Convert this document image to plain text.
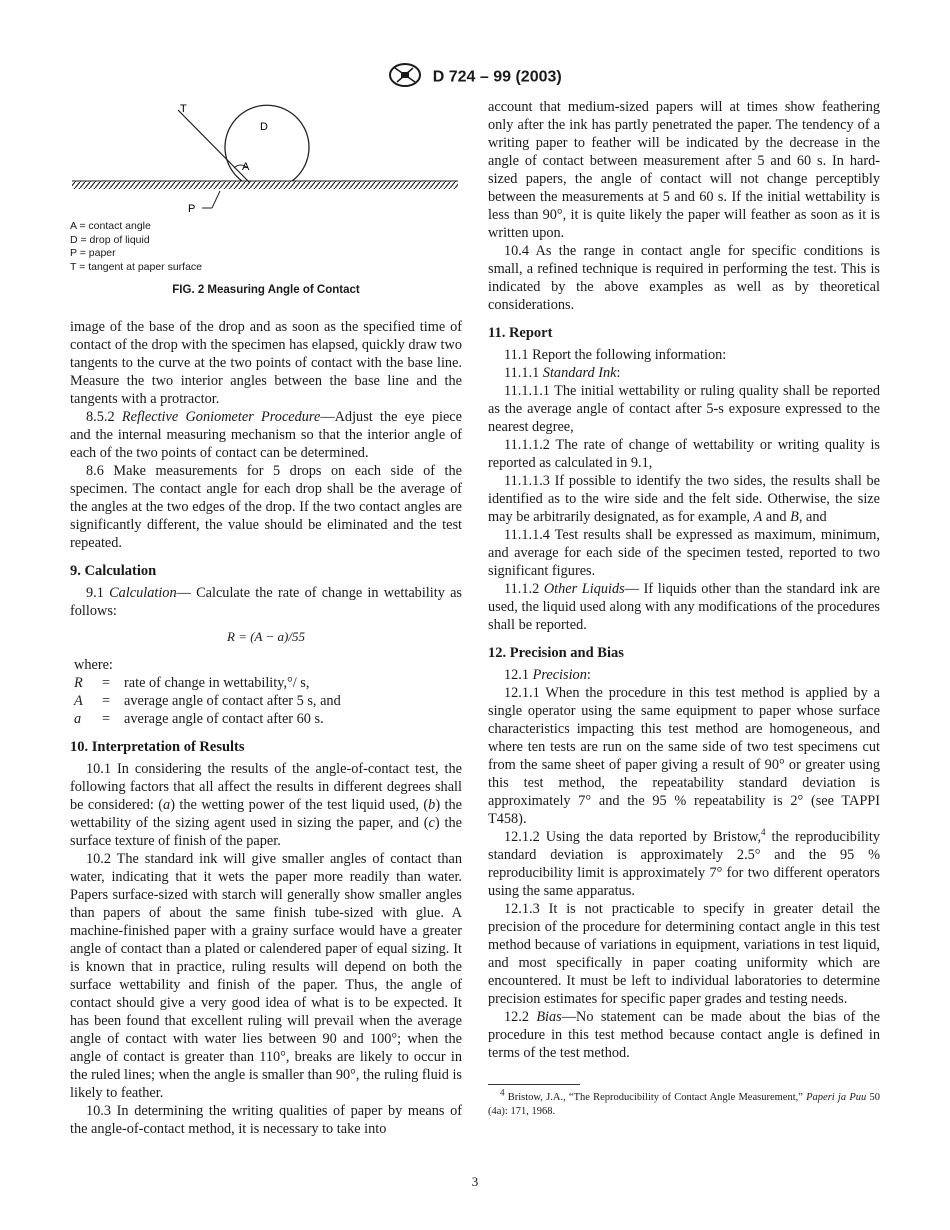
D 724 – 99 (2003)
T
D
A
P
A = contact angle
D = drop of liquid
P = paper
T = tangent at paper surface
FIG. 2 Measuring Angle of Contact

image of the base of the drop and as soon as the specified time of contact of the drop with the specimen has elapsed, quickly draw two tangents to the curve at the two points of contact with the base line. Measure the two interior angles between the base line and the tangents with a protractor.

8.5.2 Reflective Goniometer Procedure—Adjust the eye piece and the internal measuring mechanism so that the interior angle of each of the two points of contact can be determined.

8.6 Make measurements for 5 drops on each side of the specimen. The contact angle for each drop shall be the average of the angles at the two edges of the drop. If the two contact angles are significantly different, the value should be eliminated and the test repeated.

9. Calculation

9.1 Calculation— Calculate the rate of change in wettability as follows:

R = (A − a)/55
where:
R	=	rate of change in wettability,°/ s,
A	=	average angle of contact after 5 s, and
a	=	average angle of contact after 60 s.
10. Interpretation of Results

10.1 In considering the results of the angle-of-contact test, the following factors that all affect the results in different degrees shall be considered: (a) the wetting power of the test liquid used, (b) the wettability of the sizing agent used in sizing the paper, and (c) the surface texture of finish of the paper.

10.2 The standard ink will give smaller angles of contact than water, indicating that it wets the paper more readily than water. Papers surface-sized with starch will generally show smaller angles than papers of about the same finish tube-sized with glue. A machine-finished paper with a grainy surface would have a greater angle of contact than a plated or calendered paper of equal sizing. It is known that in practice, ruling results will depend on both the surface wettability and finish of the paper. Thus, the angle of contact should give a very good idea of what is to be expected. It has been found that excellent ruling will prevail when the average angle of contact with water lies between 90 and 100°; when the angle of contact is greater than 110°, breaks are likely to occur in the ruled lines; when the angle is smaller than 90°, the ruling fluid is likely to feather.

10.3 In determining the writing qualities of paper by means of the angle-of-contact method, it is necessary to take into

account that medium-sized papers will at times show feathering only after the ink has partly penetrated the paper. The tendency of a writing paper to feather will be indicated by the decrease in the angle of contact between measurement after 5 and 60 s. In hard-sized papers, the angle of contact will not change perceptibly between the measurements at 5 and 60 s. If the initial wettability is less than 90°, it is quite likely the paper will feather as soon as it is written upon.

10.4 As the range in contact angle for specific conditions is small, a refined technique is required in performing the test. This is indicated by the above examples as well as by theoretical considerations.

11. Report

11.1 Report the following information:

11.1.1 Standard Ink:

11.1.1.1 The initial wettability or ruling quality shall be reported as the average angle of contact after 5-s exposure expressed to the nearest degree,

11.1.1.2 The rate of change of wettability or writing quality is reported as calculated in 9.1,

11.1.1.3 If possible to identify the two sides, the results shall be identified as to the wire side and the felt side. Otherwise, the size may be arbitrarily designated, as for example, A and B, and

11.1.1.4 Test results shall be expressed as maximum, minimum, and average for each side of the specimen tested, reported to two significant figures.

11.1.2 Other Liquids— If liquids other than the standard ink are used, the liquid used along with any modifications of the procedures shall be reported.

12. Precision and Bias

12.1 Precision:

12.1.1 When the procedure in this test method is applied by a single operator using the same equipment to paper whose surface characteristics impacting this test method are homogeneous, and where ten tests are run on the same side of two test specimens cut from the same sheet of paper giving a result of 90° or greater using this test method, the repeatability standard deviation is approximately 7° and the 95 % repeatability is 2° (see TAPPI T458).

12.1.2 Using the data reported by Bristow,$^4$ the reproducibility standard deviation is approximately 2.5° and the 95 % reproducibility limit is approximately 7° for two different operators using the same apparatus.

12.1.3 It is not practicable to specify in greater detail the precision of the procedure for determining contact angle in this test method because of variations in equipment, variations in test liquid, and most specifically in paper coating uniformity which are encountered. It must be left to individual laboratories to determine precision estimates for specific paper grades and testing needs.

12.2 Bias—No statement can be made about the bias of the procedure in this test method because contact angle is defined in terms of the test method.

$^4$ Bristow, J.A., “The Reproducibility of Contact Angle Measurement,” Paperi ja Puu 50 (4a): 171, 1968.

3
